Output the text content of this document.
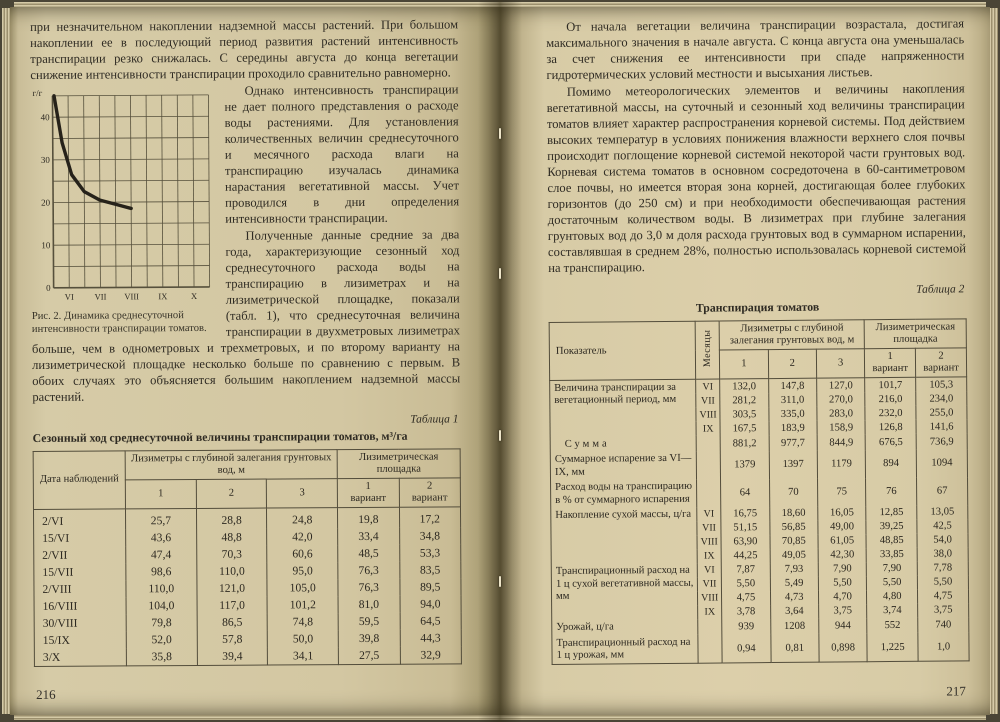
при незначительном накоплении надземной массы растений. При большом накоплении ее в последующий период развития растений интенсивность транспирации резко снижалась. С середины августа до конца вегетации снижение интенсивности транспирации проходило сравнительно равномерно.

40
30
20
10
0
VI VII VIII IX	X
г/г
Рис. 2. Динамика среднесуточной интенсивности транспирации томатов.

Однако интенсивность транспирации не дает полного представления о расходе воды растениями. Для установления количественных величин среднесуточного и месячного расхода влаги на транспирацию изучалась динамика нарастания вегетативной массы. Учет проводился в дни определения интенсивности транспирации.

Полученные данные средние за два года, характеризующие сезонный ход среднесуточного расхода воды на транспирацию в лизиметрах и на лизиметрической площадке, показали (табл. 1), что среднесуточная величина транспирации в двухметровых лизиметрах больше, чем в однометровых и трехметровых, и по второму варианту на лизиметрической площадке несколько больше по сравнению с первым. В обоих случаях это объясняется большим накоплением надземной массы растений.

Таблица 1
Сезонный ход среднесуточной величины транспирации томатов, м³/га
Дата наблюдений	Лизиметры с глубиной залегания грунтовых вод, м			Лизиметрическая площадка	
	1	2	3	1
вариант	2
вариант
2/VI	25,7	28,8	24,8	19,8	17,2
15/VI	43,6	48,8	42,0	33,4	34,8
2/VII	47,4	70,3	60,6	48,5	53,3
15/VII	98,6	110,0	95,0	76,3	83,5
2/VIII	110,0	121,0	105,0	76,3	89,5
16/VIII	104,0	117,0	101,2	81,0	94,0
30/VIII	79,8	86,5	74,8	59,5	64,5
15/IX	52,0	57,8	50,0	39,8	44,3
3/X	35,8	39,4	34,1	27,5	32,9
216

От начала вегетации величина транспирации возрастала, достигая максимального значения в начале августа. С конца августа она уменьшалась за счет снижения ее интенсивности при спаде напряженности гидротермических условий местности и высыхания листьев.

Помимо метеорологических элементов и величины накопления вегетативной массы, на суточный и сезонный ход величины транспирации томатов влияет характер распространения корневой системы. Под действием высоких температур в условиях понижения влажности верхнего слоя почвы происходит поглощение корневой системой некоторой части грунтовых вод. Корневая система томатов в основном сосредоточена в 60-сантиметровом слое почвы, но имеется вторая зона корней, достигающая более глубоких горизонтов (до 250 см) и при необходимости обеспечивающая растения достаточным количеством воды. В лизиметрах при глубине залегания грунтовых вод до 3,0 м доля расхода грунтовых вод в суммарном испарении, составлявшая в среднем 28%, полностью использовалась корневой системой на транспирацию.

Таблица 2
Транспирация томатов
Показатель	Месяцы	Лизиметры с глубиной залегания грунтовых вод, м			Лизиметрическая площадка	
		1	2	3	1
вариант	2
вариант
Величина транспирации за вегетационный период, мм	VI	132,0	147,8	127,0	101,7	105,3
	VII	281,2	311,0	270,0	216,0	234,0
	VIII	303,5	335,0	283,0	232,0	255,0
	IX	167,5	183,9	158,9	126,8	141,6
Сумма		881,2	977,7	844,9	676,5	736,9
Суммарное испарение за VI—IX, мм		1379	1397	1179	894	1094
Расход воды на транспирацию в % от суммарного испарения		64	70	75	76	67
Накопление сухой массы, ц/га	VI	16,75	18,60	16,05	12,85	13,05
	VII	51,15	56,85	49,00	39,25	42,5
	VIII	63,90	70,85	61,05	48,85	54,0
	IX	44,25	49,05	42,30	33,85	38,0
Транспирационный расход на 1 ц сухой вегетативной массы, мм	VI	7,87	7,93	7,90	7,90	7,78
	VII	5,50	5,49	5,50	5,50	5,50
	VIII	4,75	4,73	4,70	4,80	4,75
	IX	3,78	3,64	3,75	3,74	3,75
Урожай, ц/га		939	1208	944	552	740
Транспирационный расход на 1 ц урожая, мм		0,94	0,81	0,898	1,225	1,0
217
